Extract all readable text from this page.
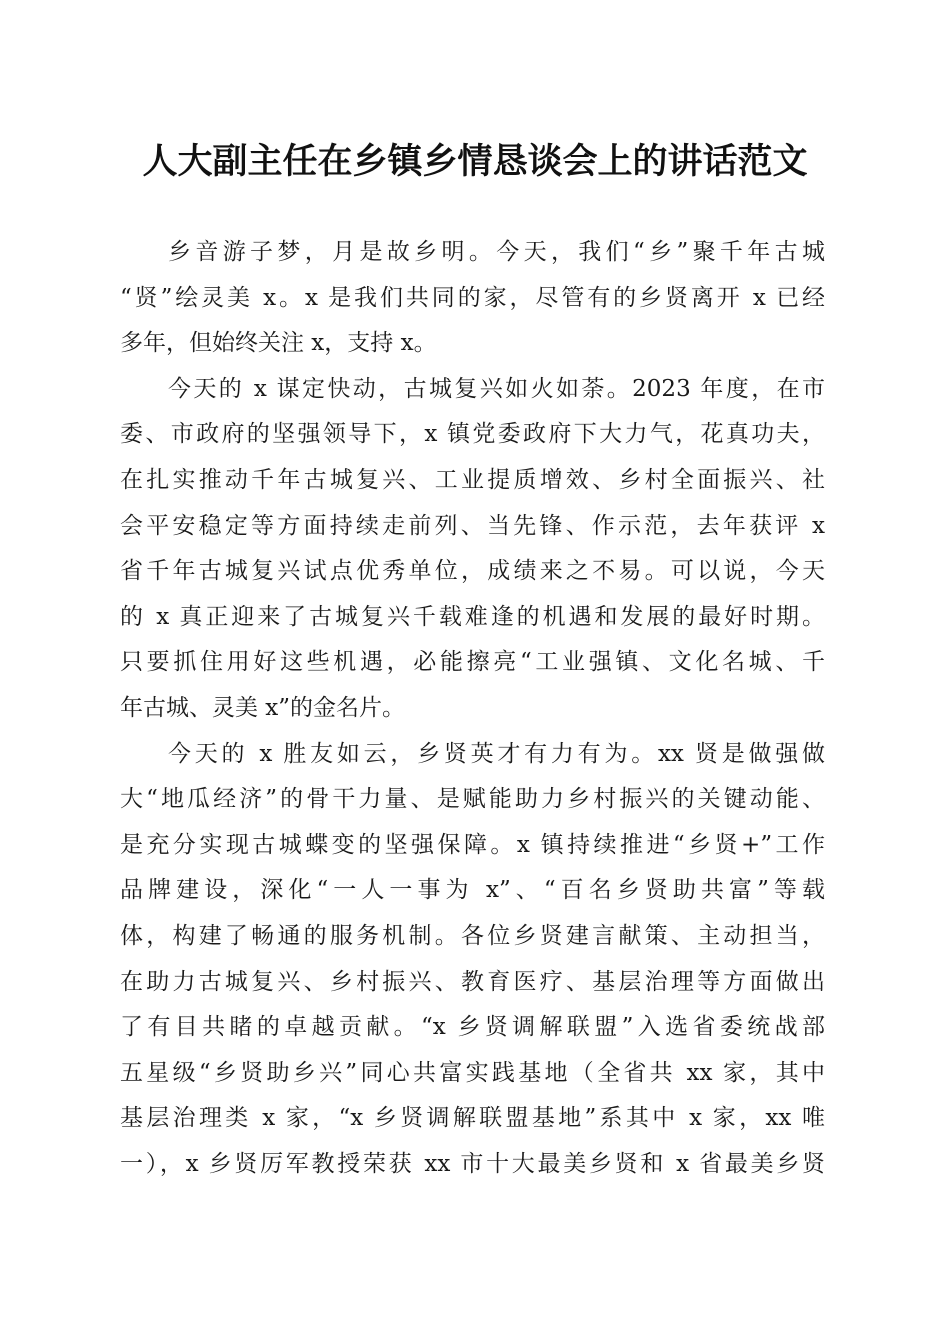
人大副主任在乡镇乡情恳谈会上的讲话范文
乡音游子梦，月是故乡明。今天，我们“乡”聚千年古城
“贤”绘灵美 x。x 是我们共同的家，尽管有的乡贤离开 x 已经
多年，但始终关注 x，支持 x。
今天的 x 谋定快动，古城复兴如火如荼。2023 年度，在市
委、市政府的坚强领导下，x 镇党委政府下大力气，花真功夫，
在扎实推动千年古城复兴、工业提质增效、乡村全面振兴、社
会平安稳定等方面持续走前列、当先锋、作示范，去年获评 x
省千年古城复兴试点优秀单位，成绩来之不易。可以说，今天
的 x 真正迎来了古城复兴千载难逢的机遇和发展的最好时期。
只要抓住用好这些机遇，必能擦亮“工业强镇、文化名城、千
年古城、灵美 x”的金名片。
今天的 x 胜友如云，乡贤英才有力有为。xx 贤是做强做
大“地瓜经济”的骨干力量、是赋能助力乡村振兴的关键动能、
是充分实现古城蝶变的坚强保障。x 镇持续推进“乡贤+”工作
品牌建设，深化“一人一事为 x”、“百名乡贤助共富”等载
体，构建了畅通的服务机制。各位乡贤建言献策、主动担当，
在助力古城复兴、乡村振兴、教育医疗、基层治理等方面做出
了有目共睹的卓越贡献。“x 乡贤调解联盟”入选省委统战部
五星级“乡贤助乡兴”同心共富实践基地（全省共 xx 家，其中
基层治理类 x 家，“x 乡贤调解联盟基地”系其中 x 家，xx 唯
一），x 乡贤厉军教授荣获 xx 市十大最美乡贤和 x 省最美乡贤
